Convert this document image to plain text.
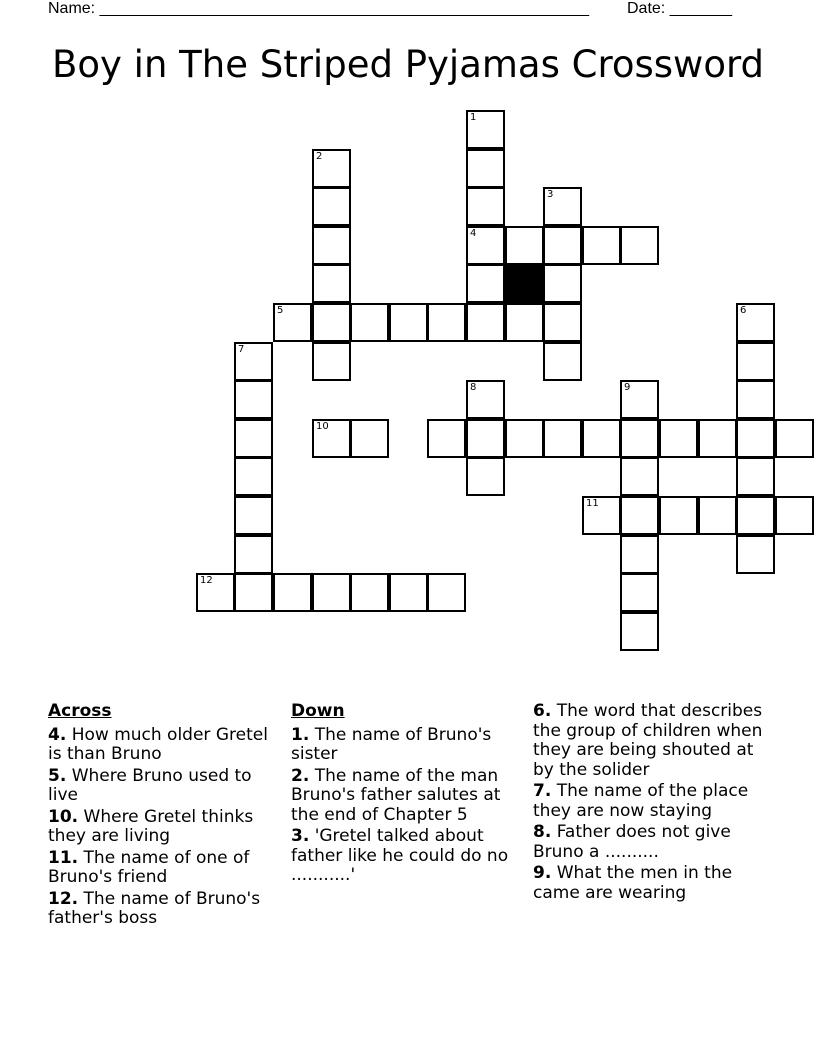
Name: _______________________________________________________ Date: _______
Boy in The Striped Pyjamas Crossword
1
4
2
3
5	6
7
8	9
10
11
12
Across
4. How much older Gretel is than Bruno
5. Where Bruno used to live
10. Where Gretel thinks they are living
11. The name of one of Bruno's friend
12. The name of Bruno's father's boss
Down
1. The name of Bruno's sister
2. The name of the man Bruno's father salutes at the end of Chapter 5
3. 'Gretel talked about father like he could do no ...........'
6. The word that describes the group of children when they are being shouted at by the solider
7. The name of the place they are now staying
8. Father does not give Bruno a ..........
9. What the men in the came are wearing
